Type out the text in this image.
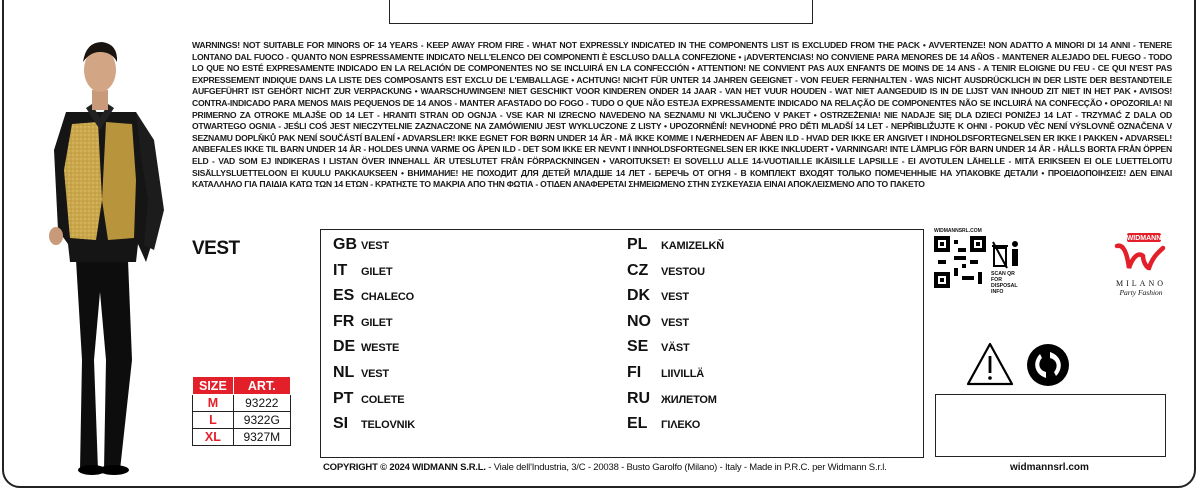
WARNINGS! NOT SUITABLE FOR MINORS OF 14 YEARS - KEEP AWAY FROM FIRE - WHAT NOT EXPRESSLY INDICATED IN THE COMPONENTS LIST IS EXCLUDED FROM THE PACK • AVVERTENZE! NON ADATTO A MINORI DI 14 ANNI - TENERE LONTANO DAL FUOCO - QUANTO NON ESPRESSAMENTE INDICATO NELL'ELENCO DEI COMPONENTI È ESCLUSO DALLA CONFEZIONE • ¡ADVERTENCIAS! NO CONVIENE PARA MENORES DE 14 AÑOS - MANTENER ALEJADO DEL FUEGO - TODO LO QUE NO ESTÉ EXPRESAMENTE INDICADO EN LA RELACIÓN DE COMPONENTES NO SE INCLUIRÁ EN LA CONFECCIÓN • ATTENTION! NE CONVIENT PAS AUX ENFANTS DE MOINS DE 14 ANS - A TENIR ELOIGNE DU FEU - CE QUI N'EST PAS EXPRESSEMENT INDIQUE DANS LA LISTE DES COMPOSANTS EST EXCLU DE L'EMBALLAGE • ACHTUNG! NICHT FÜR UNTER 14 JAHREN GEEIGNET - VON FEUER FERNHALTEN - WAS NICHT AUSDRÜCKLICH IN DER LISTE DER BESTANDTEILE AUFGEFÜHRT IST GEHÖRT NICHT ZUR VERPACKUNG • WAARSCHUWINGEN! NIET GESCHIKT VOOR KINDEREN ONDER 14 JAAR - VAN HET VUUR HOUDEN - WAT NIET AANGEDUID IS IN DE LIJST VAN INHOUD ZIT NIET IN HET PAK • AVISOS! CONTRA-INDICADO PARA MENOS MAIS PEQUENOS DE 14 ANOS - MANTER AFASTADO DO FOGO - TUDO O QUE NÃO ESTEJA EXPRESSAMENTE INDICADO NA RELAÇÃO DE COMPONENTES NÃO SE INCLUIRÁ NA CONFECÇÃO • OPOZORILA! NI PRIMERNO ZA OTROKE MLAJŠE OD 14 LET - HRANITI STRAN OD OGNJA - VSE KAR NI IZRECNO NAVEDENO NA SEZNAMU NI VKLJUČENO V PAKET • OSTRZEŻENIA! NIE NADAJE SIĘ DLA DZIECI PONIŻEJ 14 LAT - TRZYMAĆ Z DALA OD OTWARTEGO OGNIA - JEŚLI COŚ JEST NIECZYTELNIE ZAZNACZONE NA ZAMÓWIENIU JEST WYKLUCZONE Z LISTY • UPOZORNĚNÍ! NEVHODNÉ PRO DĚTI MLADŠÍ 14 LET - NEPŘIBLIŽUJTE K OHNI - POKUD VĚC NENÍ VÝSLOVNĚ OZNAČENA V SEZNAMU DOPLŇKŮ PAK NENÍ SOUČÁSTÍ BALENÍ • ADVARSLER! IKKE EGNET FOR BØRN UNDER 14 ÅR - MÅ IKKE KOMME I NÆRHEDEN AF ÅBEN ILD - HVAD DER IKKE ER ANGIVET I INDHOLDSFORTEGNELSEN ER IKKE I PAKKEN • ADVARSEL! ANBEFALES IKKE TIL BARN UNDER 14 ÅR - HOLDES UNNA VARME OG ÅPEN ILD - DET SOM IKKE ER NEVNT I INNHOLDSFORTEGNELSEN ER IKKE INKLUDERT • VARNINGAR! INTE LÄMPLIG FÖR BARN UNDER 14 ÅR - HÅLLS BORTA FRÅN ÖPPEN ELD - VAD SOM EJ INDIKERAS I LISTAN ÖVER INNEHALL ÄR UTESLUTET FRÅN FÖRPACKNINGEN • VAROITUKSET! EI SOVELLU ALLE 14-VUOTIAILLE IKÄISILLE LAPSILLE - EI AVOTULEN LÄHELLE - MITÄ ERIKSEEN EI OLE LUETTELOITU SISÄLLYSLUETTELOON EI KUULU PAKKAUKSEEN • ВНИМАНИЕ! НЕ ПОХОДИТ ДЛЯ ДЕТЕЙ МЛАДШЕ 14 ЛЕТ - БЕРЕЧЬ ОТ ОГНЯ - В КОМПЛЕКТ ВХОДЯТ ТОЛЬКО ПОМЕЧЕННЫЕ НА УПАКОВКЕ ДЕТАЛИ • ΠΡΟΕΙΔΟΠΟΙΗΣΕΙΣ! ΔΕΝ ΕΙΝΑΙ ΚΑΤΑΛΛΗΛΟ ΓΙΑ ΠΑΙΔΙΑ ΚΑΤΩ ΤΩΝ 14 ΕΤΩΝ - ΚΡΑΤΗΣΤΕ ΤΟ ΜΑΚΡΙΑ ΑΠΟ ΤΗΝ ΦΩΤΙΑ - ΟΤΙΔΕΝ ΑΝΑΦΕΡΕΤΑΙ ΣΗΜΕΙΩΜΕΝΟ ΣΤΗΝ ΣΥΣΚΕΥΑΣΙΑ ΕΙΝΑΙ ΑΠΟΚΛΕΙΣΜΕΝΟ ΑΠΟ ΤΟ ΠΑΚΕΤΟ
VEST	GB VEST
IT	GILET
ES CHALECO
FR GILET
DE WESTE
NL VEST
PT COLETE
SI	TELOVNIK
PL	KAMIZELKŇ
CZ	VESTOU
DK VEST
NO VEST
SE	VÄST
FI	LIIVILLÄ
RU ЖИЛЕТОМ
EL	ΓΙΛΕΚΟ
SIZE	ART.
M	93222
L	9322G
XL	9327M
WIDMANNSRL.COM
SCAN QR FOR
DISPOSAL INFO
WIDMANN
MILANO
Party Fashion
COPYRIGHT © 2024 WIDMANN S.R.L. - Viale dell'Industria, 3/C - 20038 - Busto Garolfo (Milano) - Italy - Made in P.R.C. per Widmann S.r.l.	widmannsrl.com
